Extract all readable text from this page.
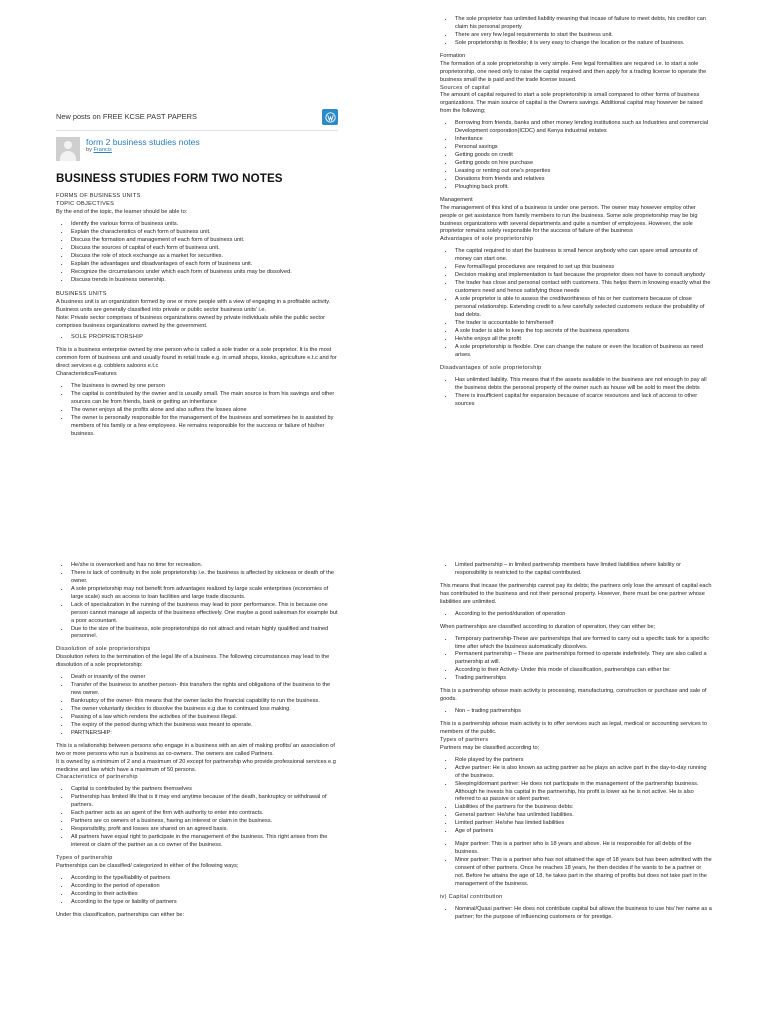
New posts on FREE KCSE PAST PAPERS
form 2 business studies notes
by Francis
BUSINESS STUDIES FORM TWO NOTES

FORMS OF BUSINESS UNITS

TOPIC OBJECTIVES

By the end of the topic, the learner should be able to:

• Identify the various forms of business units.
• Explain the characteristics of each form of business unit.
• Discuss the formation and management of each form of business unit.
• Discuss the sources of capital of each form of business unit.
• Discuss the role of stock exchange as a market for securities.
• Explain the advantages and disadvantages of each form of business unit.
• Recognize the circumstances under which each form of business units may be dissolved.
• Discuss trends in business ownership.

BUSINESS UNITS

A business unit is an organization formed by one or more people with a view of engaging in a profitable activity.

Business units are generally classified into private or public sector business units' i.e.

Note: Private sector comprises of business organizations owned by private individuals while the public sector comprises business organizations owned by the government.

• SOLE PROPRIETORSHIP

This is a business enterprise owned by one person who is called a sole trader or a sole proprietor. It is the most common form of business unit and usually found in retail trade e.g. in small shops, kiosks, agriculture e.t.c and for direct services e.g. cobblers saloons e.t.c

Characteristics/Features

• The business is owned by one person
• The capital is contributed by the owner and is usually small. The main source is from his savings and other sources can be from friends, bank or getting an inheritance
• The owner enjoys all the profits alone and also suffers the losses alone
• The owner is personally responsible for the management of the business and sometimes he is assisted by members of his family or a few employees. He remains responsible for the success or failure of his/her business.
• The sole proprietor has unlimited liability meaning that incase of failure to meet debts, his creditor can claim his personal property
• There are very few legal requirements to start the business unit.
• Sole proprietorship is flexible; it is very easy to change the location or the nature of business.

Formation

The formation of a sole proprietorship is very simple. Few legal formalities are required i.e. to start a sole proprietorship, one need only to raise the capital required and then apply for a trading license to operate the business small the is paid and the trade license issued.

Sources of capital

The amount of capital required to start a sole proprietorship is small compared to other forms of business organizations. The main source of capital is the Owners savings. Additional capital may however be raised from the following;

• Borrowing from friends, banks and other money lending institutions such as Industries and commercial Development corporation(ICDC) and Kenya industrial estates
• Inheritance
• Personal savings
• Getting goods on credit
• Getting goods on hire purchase
• Leasing or renting out one's properties
• Donations from friends and relatives
• Ploughing back profit.

Management

The management of this kind of a business is under one person. The owner may however employ other people or get assistance from family members to run the business. Some sole proprietorship may be big business organizations with several departments and quite a number of employees. However, the sole proprietor remains solely responsible for the success of failure of the business

Advantages of sole proprietorship

• The capital required to start the business is small hence anybody who can spare small amounts of money can start one.
• Few formal/legal procedures are required to set up this business
• Decision making and implementation is fast because the proprietor does not have to consult anybody
• The trader has close and personal contact with customers. This helps them in knowing exactly what the customers need and hence satisfying those needs
• A sole proprietor is able to assess the creditworthiness of his or her customers because of close personal relationship. Extending credit to a few carefully selected customers reduce the probability of bad debts.
• The trader is accountable to him/herself
• A sole trader is able to keep the top secrets of the business operations
• He/she enjoys all the profit
• A sole proprietorship is flexible. One can change the nature or even the location of business as need arises.

Disadvantages of sole proprietorship

• Has unlimited liability. This means that if the assets available in the business are not enough to pay all the business debts the personal property of the owner such as house will be sold to meet the debts
• There is insufficient capital for expansion because of scarce resources and lack of access to other sources
• He/she is overworked and has no time for recreation.
• There is lack of continuity in the sole proprietorship i.e. the business is affected by sickness or death of the owner.
• A sole proprietorship may not benefit from advantages realized by large scale enterprises (economies of large scale) such as access to loan facilities and large trade discounts.
• Lack of specialization in the running of the business may lead to poor performance. This is because one person cannot manage all aspects of the business effectively. One maybe a good salesman for example but a poor accountant.
• Due to the size of the business, sole proprietorships do not attract and retain highly qualified and trained personnel.

Dissolution of sole proprietorships

Dissolution refers to the termination of the legal life of a business. The following circumstances may lead to the dissolution of a sole proprietorship:

• Death or insanity of the owner
• Transfer of the business to another person- this transfers the rights and obligations of the business to the new owner.
• Bankruptcy of the owner- this means that the owner lacks the financial capability to run the business.
• The owner voluntarily decides to dissolve the business e.g due to continued loss making.
• Passing of a law which renders the activities of the business illegal.
• The expiry of the period during which the business was meant to operate.
• PARTNERSHIP:

This is a relationship between persons who engage in a business with an aim of making profits/ an association of two or more persons who run a business as co-owners. The owners are called Partners.

It is owned by a minimum of 2 and a maximum of 20 except for partnership who provide professional services e.g medicine and law which have a maximum of 50 persons.

Characteristics of partnership

• Capital is contributed by the partners themselves
• Partnership has limited life that is it may end anytime because of the death, bankruptcy or withdrawal of partners.
• Each partner acts as an agent of the firm with authority to enter into contracts.
• Partners are co owners of a business, having an interest or claim in the business.
• Responsibility, profit and losses are shared on an agreed basis.
• All partners have equal right to participate in the management of the business. This right arises from the interest or claim of the partner as a co owner of the business.

Types of partnership

Partnerships can be classified/ categorized in either of the following ways;

• According to the type/liability of partners
• According to the period of operation
• According to their activities
• According to the type or liability of partners

Under this classification, partnerships can either be:

• Limited partnership – in limited partnership members have limited liabilities where liability or responsibility is restricted to the capital contributed.

This means that incase the partnership cannot pay its debts; the partners only lose the amount of capital each has contributed to the business and not their personal property. However, there must be one partner whose liabilities are unlimited.

• According to the period/duration of operation

When partnerships are classified according to duration of operation, they can either be;

• Temporary partnership-These are partnerships that are formed to carry out a specific task for a specific time after which the business automatically dissolves.
• Permanent partnership – These are partnerships formed to operate indefinitely. They are also called a partnership at will.
• According to their Activity- Under this mode of classification, partnerships can either be:
• Trading partnerships

This is a partnership whose main activity is processing, manufacturing, construction or purchase and sale of goods.

• Non – trading partnerships

This is a partnership whose main activity is to offer services such as legal, medical or accounting services to members of the public.

Types of partners

Partners may be classified according to;

• Role played by the partners
• Active partner: He is also known as acting partner as he plays an active part in the day-to-day running of the business.
• Sleeping/dormant partner: He does not participate in the management of the partnership business. Although he invests his capital in the partnership, his profit is lower as he is not active. He is also referred to as passive or silent partner.
• Liabilities of the partners for the business debts:
• General partner: He/she has unlimited liabilities.
• Limited partner: He/she has limited liabilities
• Age of partners
• Major partner: This is a partner who is 18 years and above. He is responsible for all debts of the business.
• Minor partner: This is a partner who has not attained the age of 18 years but has been admitted with the consent of other partners. Once he reaches 18 years, he then decides if he wants to be a partner or not. Before he attains the age of 18, he takes part in the sharing of profits but does not take part in the management of the business.

iv) Capital contribution

• Nominal/Quasi partner: He does not contribute capital but allows the business to use his/ her name as a partner; for the purpose of influencing customers or for prestige.
